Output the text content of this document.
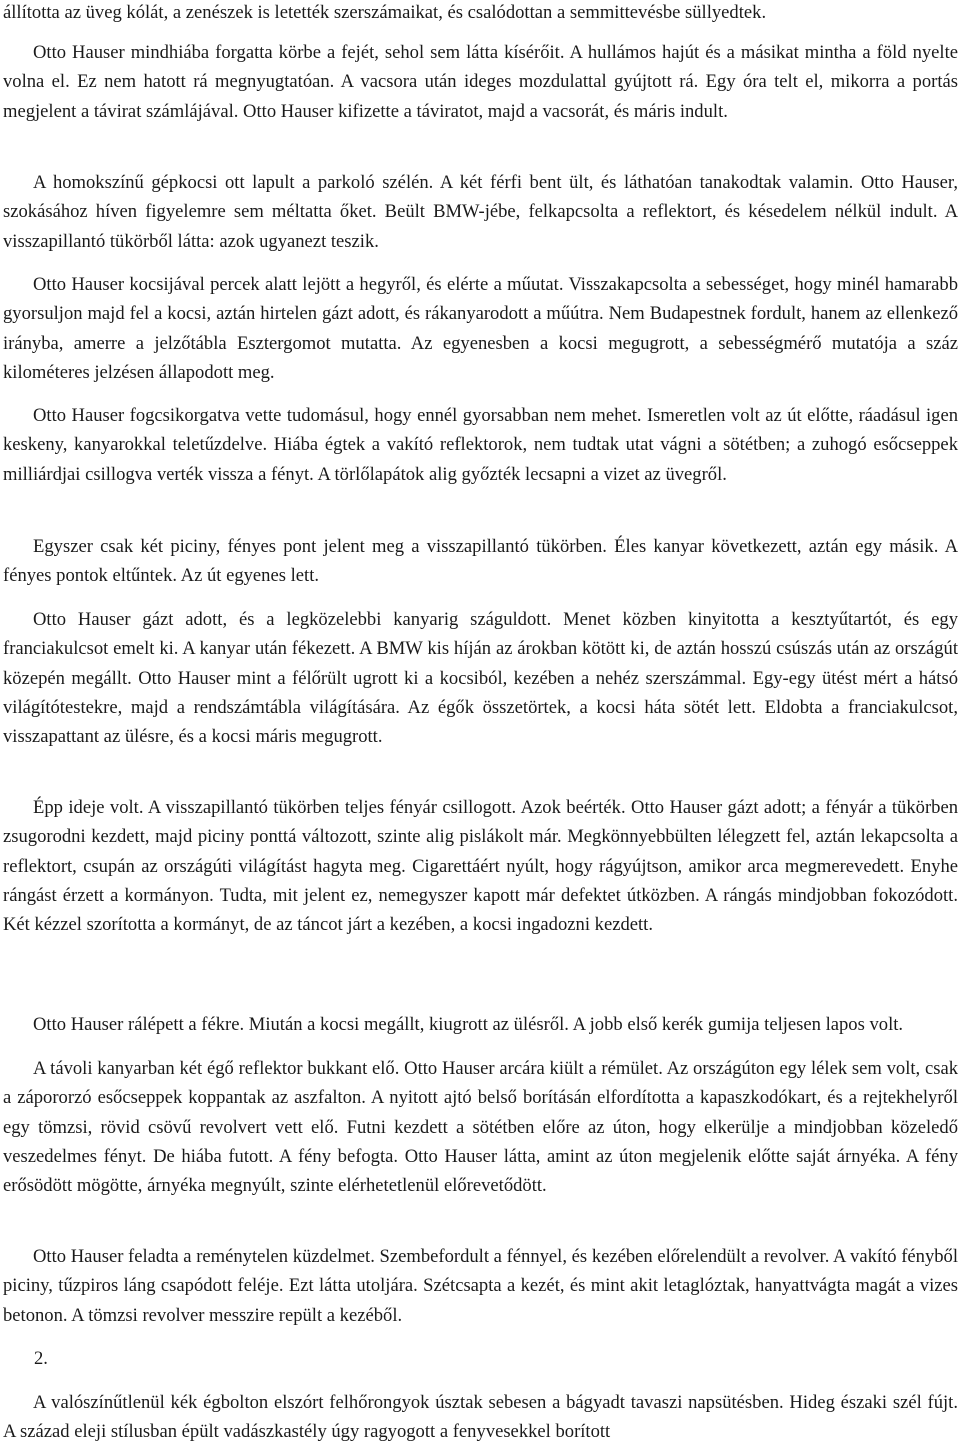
állította az üveg kólát, a zenészek is letették szerszámaikat, és csalódottan a semmittevésbe süllyedtek.

Otto Hauser mindhiába forgatta körbe a fejét, sehol sem látta kísérőit. A hullámos hajút és a másikat mintha a föld nyelte volna el. Ez nem hatott rá megnyugtatóan. A vacsora után ideges mozdulattal gyújtott rá. Egy óra telt el, mikorra a portás megjelent a távirat számlájával. Otto Hauser kifizette a táviratot, majd a vacsorát, és máris indult.

A homokszínű gépkocsi ott lapult a parkoló szélén. A két férfi bent ült, és láthatóan tanakodtak valamin. Otto Hauser, szokásához híven figyelemre sem méltatta őket. Beült BMW-jébe, felkapcsolta a reflektort, és késedelem nélkül indult. A visszapillantó tükörből látta: azok ugyanezt teszik.

Otto Hauser kocsijával percek alatt lejött a hegyről, és elérte a műutat. Visszakapcsolta a sebességet, hogy minél hamarabb gyorsuljon majd fel a kocsi, aztán hirtelen gázt adott, és rákanyarodott a műútra. Nem Budapestnek fordult, hanem az ellenkező irányba, amerre a jelzőtábla Esztergomot mutatta. Az egyenesben a kocsi megugrott, a sebességmérő mutatója a száz kilométeres jelzésen állapodott meg.

Otto Hauser fogcsikorgatva vette tudomásul, hogy ennél gyorsabban nem mehet. Ismeretlen volt az út előtte, ráadásul igen keskeny, kanyarokkal teletűzdelve. Hiába égtek a vakító reflektorok, nem tudtak utat vágni a sötétben; a zuhogó esőcseppek milliárdjai csillogva verték vissza a fényt. A törlőlapátok alig győzték lecsapni a vizet az üvegről.

Egyszer csak két piciny, fényes pont jelent meg a visszapillantó tükörben. Éles kanyar következett, aztán egy másik. A fényes pontok eltűntek. Az út egyenes lett.

Otto Hauser gázt adott, és a legközelebbi kanyarig száguldott. Menet közben kinyitotta a kesztyűtartót, és egy franciakulcsot emelt ki. A kanyar után fékezett. A BMW kis híján az árokban kötött ki, de aztán hosszú csúszás után az országút közepén megállt. Otto Hauser mint a félőrült ugrott ki a kocsiból, kezében a nehéz szerszámmal. Egy-egy ütést mért a hátsó világítótestekre, majd a rendszámtábla világítására. Az égők összetörtek, a kocsi háta sötét lett. Eldobta a franciakulcsot, visszapattant az ülésre, és a kocsi máris megugrott.

Épp ideje volt. A visszapillantó tükörben teljes fényár csillogott. Azok beérték. Otto Hauser gázt adott; a fényár a tükörben zsugorodni kezdett, majd piciny ponttá változott, szinte alig pislákolt már. Megkönnyebbülten lélegzett fel, aztán lekapcsolta a reflektort, csupán az országúti világítást hagyta meg. Cigarettáért nyúlt, hogy rágyújtson, amikor arca megmerevedett. Enyhe rángást érzett a kormányon. Tudta, mit jelent ez, nemegyszer kapott már defektet útközben. A rángás mindjobban fokozódott. Két kézzel szorította a kormányt, de az táncot járt a kezében, a kocsi ingadozni kezdett.

Otto Hauser rálépett a fékre. Miután a kocsi megállt, kiugrott az ülésről. A jobb első kerék gumija teljesen lapos volt.

A távoli kanyarban két égő reflektor bukkant elő. Otto Hauser arcára kiült a rémület. Az országúton egy lélek sem volt, csak a zápororzó esőcseppek koppantak az aszfalton. A nyitott ajtó belső borításán elfordította a kapaszkodókart, és a rejtekhelyről egy tömzsi, rövid csövű revolvert vett elő. Futni kezdett a sötétben előre az úton, hogy elkerülje a mindjobban közeledő veszedelmes fényt. De hiába futott. A fény befogta. Otto Hauser látta, amint az úton megjelenik előtte saját árnyéka. A fény erősödött mögötte, árnyéka megnyúlt, szinte elérhetetlenül előrevetődött.

Otto Hauser feladta a reménytelen küzdelmet. Szembefordult a fénnyel, és kezében előrelendült a revolver. A vakító fényből piciny, tűzpiros láng csapódott feléje. Ezt látta utoljára. Szétcsapta a kezét, és mint akit letaglóztak, hanyattvágta magát a vizes betonon. A tömzsi revolver messzire repült a kezéből.

2.

A valószínűtlenül kék égbolton elszórt felhőrongyok úsztak sebesen a bágyadt tavaszi napsütésben. Hideg északi szél fújt. A század eleji stílusban épült vadászkastély úgy ragyogott a fenyvesekkel borított
